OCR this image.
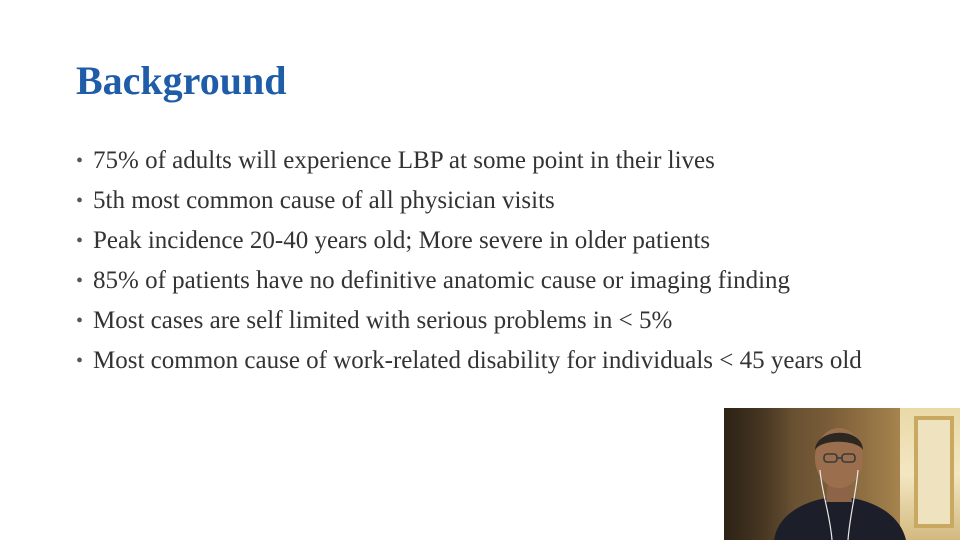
Background
• 75% of adults will experience LBP at some point in their lives
• 5th most common cause of all physician visits
• Peak incidence 20-40 years old; More severe in older patients
• 85% of patients have no definitive anatomic cause or imaging finding
• Most cases are self limited with serious problems in < 5%
• Most common cause of work-related disability for individuals < 45 years old
